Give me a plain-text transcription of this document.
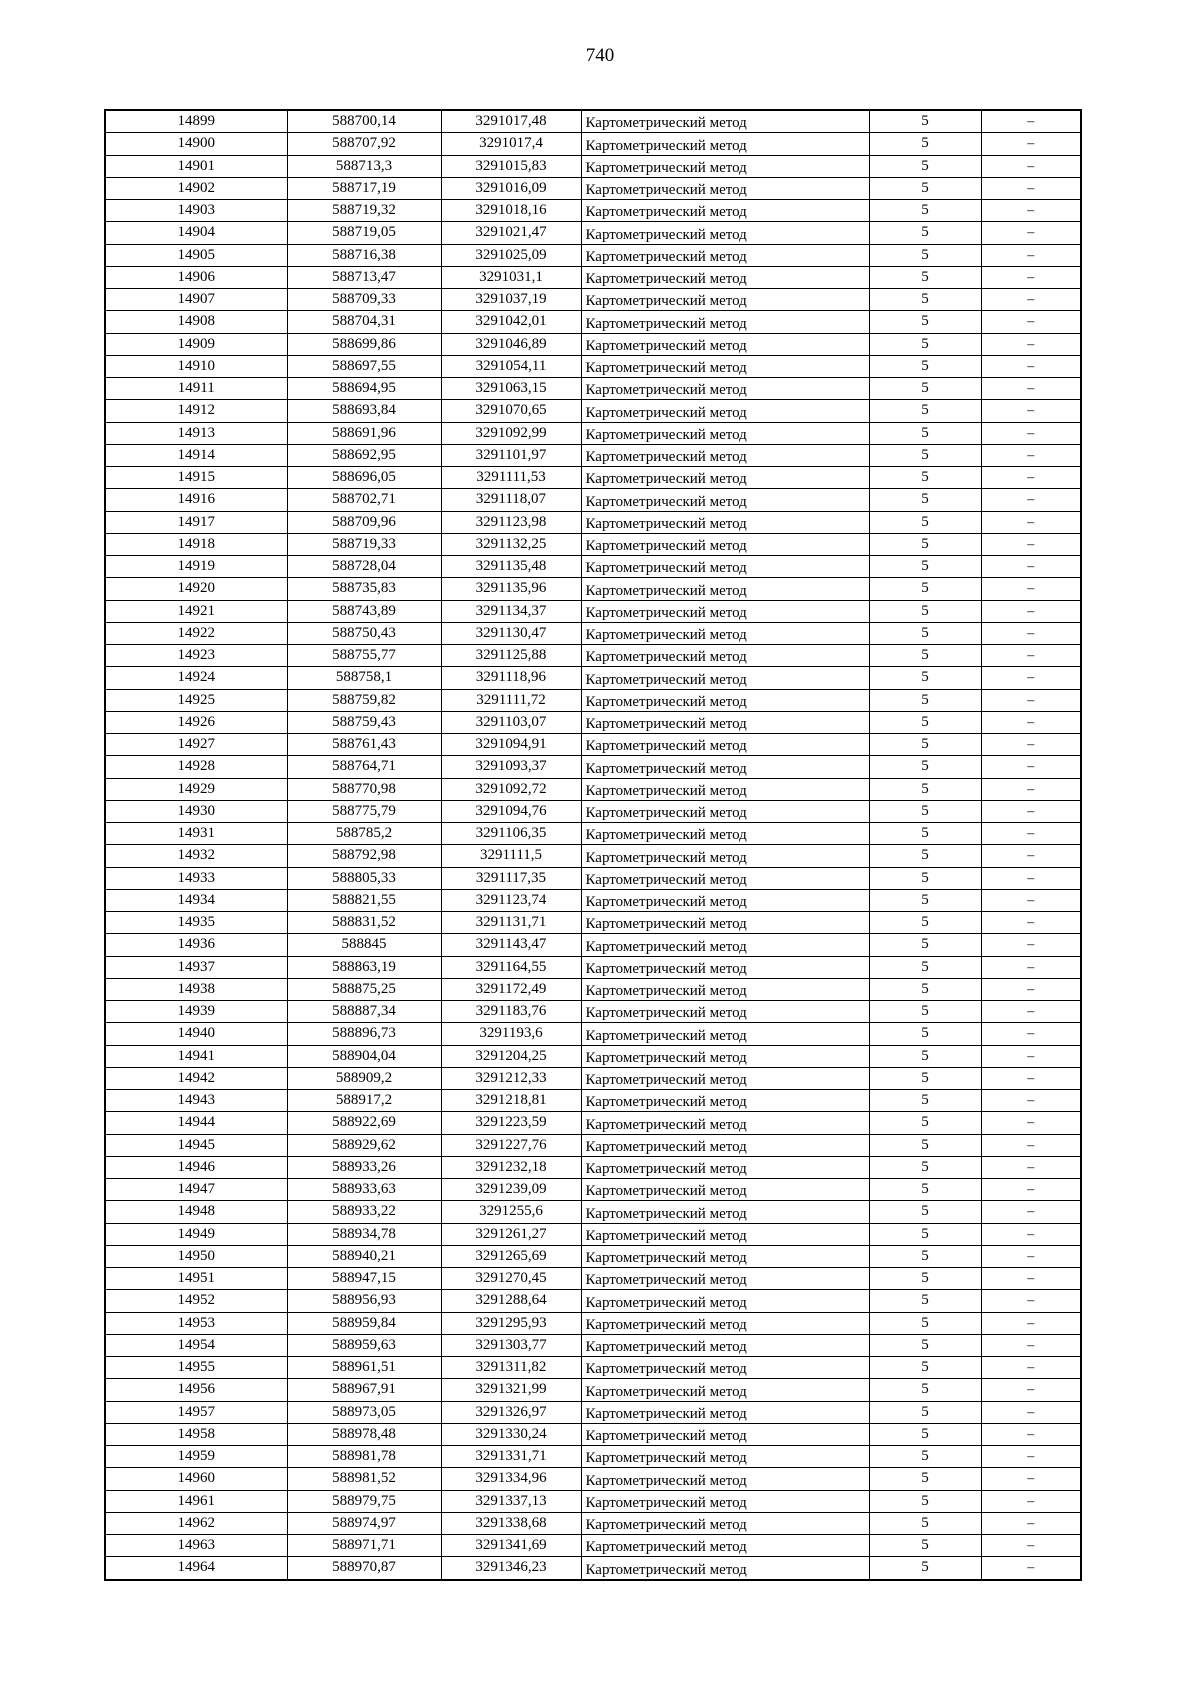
740
14899	588700,14	3291017,48	Картометрический метод	5	–
14900	588707,92	3291017,4	Картометрический метод	5	–
14901	588713,3	3291015,83	Картометрический метод	5	–
14902	588717,19	3291016,09	Картометрический метод	5	–
14903	588719,32	3291018,16	Картометрический метод	5	–
14904	588719,05	3291021,47	Картометрический метод	5	–
14905	588716,38	3291025,09	Картометрический метод	5	–
14906	588713,47	3291031,1	Картометрический метод	5	–
14907	588709,33	3291037,19	Картометрический метод	5	–
14908	588704,31	3291042,01	Картометрический метод	5	–
14909	588699,86	3291046,89	Картометрический метод	5	–
14910	588697,55	3291054,11	Картометрический метод	5	–
14911	588694,95	3291063,15	Картометрический метод	5	–
14912	588693,84	3291070,65	Картометрический метод	5	–
14913	588691,96	3291092,99	Картометрический метод	5	–
14914	588692,95	3291101,97	Картометрический метод	5	–
14915	588696,05	3291111,53	Картометрический метод	5	–
14916	588702,71	3291118,07	Картометрический метод	5	–
14917	588709,96	3291123,98	Картометрический метод	5	–
14918	588719,33	3291132,25	Картометрический метод	5	–
14919	588728,04	3291135,48	Картометрический метод	5	–
14920	588735,83	3291135,96	Картометрический метод	5	–
14921	588743,89	3291134,37	Картометрический метод	5	–
14922	588750,43	3291130,47	Картометрический метод	5	–
14923	588755,77	3291125,88	Картометрический метод	5	–
14924	588758,1	3291118,96	Картометрический метод	5	–
14925	588759,82	3291111,72	Картометрический метод	5	–
14926	588759,43	3291103,07	Картометрический метод	5	–
14927	588761,43	3291094,91	Картометрический метод	5	–
14928	588764,71	3291093,37	Картометрический метод	5	–
14929	588770,98	3291092,72	Картометрический метод	5	–
14930	588775,79	3291094,76	Картометрический метод	5	–
14931	588785,2	3291106,35	Картометрический метод	5	–
14932	588792,98	3291111,5	Картометрический метод	5	–
14933	588805,33	3291117,35	Картометрический метод	5	–
14934	588821,55	3291123,74	Картометрический метод	5	–
14935	588831,52	3291131,71	Картометрический метод	5	–
14936	588845	3291143,47	Картометрический метод	5	–
14937	588863,19	3291164,55	Картометрический метод	5	–
14938	588875,25	3291172,49	Картометрический метод	5	–
14939	588887,34	3291183,76	Картометрический метод	5	–
14940	588896,73	3291193,6	Картометрический метод	5	–
14941	588904,04	3291204,25	Картометрический метод	5	–
14942	588909,2	3291212,33	Картометрический метод	5	–
14943	588917,2	3291218,81	Картометрический метод	5	–
14944	588922,69	3291223,59	Картометрический метод	5	–
14945	588929,62	3291227,76	Картометрический метод	5	–
14946	588933,26	3291232,18	Картометрический метод	5	–
14947	588933,63	3291239,09	Картометрический метод	5	–
14948	588933,22	3291255,6	Картометрический метод	5	–
14949	588934,78	3291261,27	Картометрический метод	5	–
14950	588940,21	3291265,69	Картометрический метод	5	–
14951	588947,15	3291270,45	Картометрический метод	5	–
14952	588956,93	3291288,64	Картометрический метод	5	–
14953	588959,84	3291295,93	Картометрический метод	5	–
14954	588959,63	3291303,77	Картометрический метод	5	–
14955	588961,51	3291311,82	Картометрический метод	5	–
14956	588967,91	3291321,99	Картометрический метод	5	–
14957	588973,05	3291326,97	Картометрический метод	5	–
14958	588978,48	3291330,24	Картометрический метод	5	–
14959	588981,78	3291331,71	Картометрический метод	5	–
14960	588981,52	3291334,96	Картометрический метод	5	–
14961	588979,75	3291337,13	Картометрический метод	5	–
14962	588974,97	3291338,68	Картометрический метод	5	–
14963	588971,71	3291341,69	Картометрический метод	5	–
14964	588970,87	3291346,23	Картометрический метод	5	–
